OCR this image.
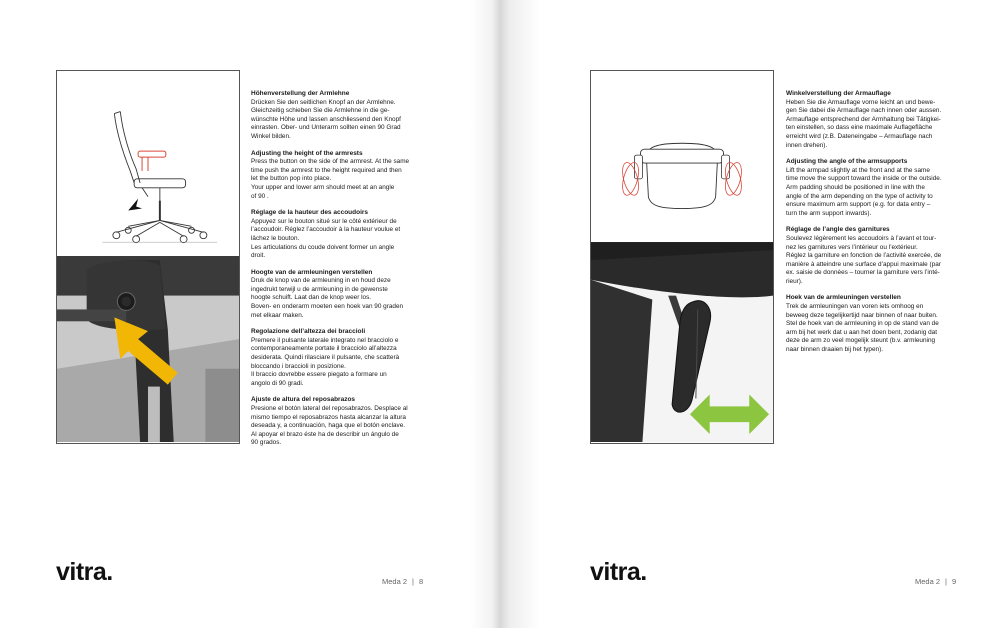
Höhenverstellung der Armlehne

Drücken Sie den seitlichen Knopf an der Armlehne.
Gleichzeitig schieben Sie die Armlehne in die ge-
wünschte Höhe und lassen anschliessend den Knopf
einrasten. Ober- und Unterarm sollten einen 90 Grad
Winkel bilden.

Adjusting the height of the armrests

Press the button on the side of the armrest. At the same
time push the armrest to the height required and then
let the button pop into place.
Your upper and lower arm should meet at an angle
of 90 .

Réglage de la hauteur des accoudoirs

Appuyez sur le bouton situé sur le côté extérieur de
l’accoudoir. Réglez l’accoudoir à la hauteur voulue et
lâchez le bouton.
Les articulations du coude doivent former un angle
droit.

Hoogte van de armleuningen verstellen

Druk de knop van de armleuning in en houd deze
ingedrukt terwijl u de armleuning in de gewenste
hoogte schuift. Laat dan de knop weer los.
Boven- en onderarm moeten een hoek van 90 graden
met elkaar maken.

Regolazione dell’altezza dei braccioli

Premere il pulsante laterale integrato nel bracciolo e
contemporaneamente portate il bracciolo all’altezza
desiderata. Quindi rilasciare il pulsante, che scatterà
bloccando i braccioli in posizione.
Il braccio dovrebbe essere piegato a formare un
angolo di 90 gradi.

Ajuste de altura del reposabrazos

Presione el botón lateral del reposabrazos. Desplace al
mismo tiempo el reposabrazos hasta alcanzar la altura
deseada y, a continuación, haga que el botón enclave.
Al apoyar el brazo éste ha de describir un ángulo de
90 grados.

vitra.	Meda 2 | 8
Winkelverstellung der Armauflage

Heben Sie die Armauflage vorne leicht an und bewe-
gen Sie dabei die Armauflage nach innen oder aussen.
Armauflage entsprechend der Armhaltung bei Tätigkei-
ten einstellen, so dass eine maximale Auflagefläche
erreicht wird (z.B. Dateneingabe – Armauflage nach
innen drehen).

Adjusting the angle of the armsupports

Lift the armpad slightly at the front and at the same
time move the support toward the inside or the outside.
Arm padding should be positioned in line with the
angle of the arm depending on the type of activity to
ensure maximum arm support (e.g. for data entry –
turn the arm support inwards).

Réglage de l’angle des garnitures

Soulevez légèrement les accoudoirs à l’avant et tour-
nez les garnitures vers l’intérieur ou l’extérieur.
Réglez la garniture en fonction de l’activité exercée, de
manière à atteindre une surface d’appui maximale (par
ex. saisie de données – tourner la garniture vers l’inté-
rieur).

Hoek van de armleuningen verstellen

Trek de armleuningen van voren iets omhoog en
beweeg deze tegelijkertijd naar binnen of naar buiten.
Stel de hoek van de armleuning in op de stand van de
arm bij het werk dat u aan het doen bent, zodanig dat
deze de arm zo veel mogelijk steunt (b.v. armleuning
naar binnen draaien bij het typen).

vitra.	Meda 2 | 9
